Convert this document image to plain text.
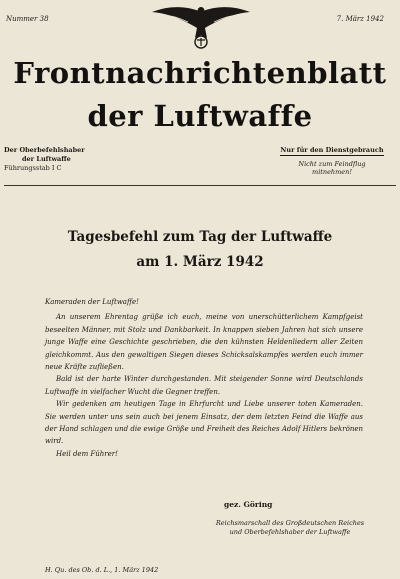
Nummer 38	7. März 1942
Frontnachrichtenblatt
der Luftwaffe
Der Oberbefehlshaber
der Luftwaffe
Führungsstab I C
Nur für den Dienstgebrauch
Nicht zum Feindflug
mitnehmen!
Tagesbefehl zum Tag der Luftwaffe
am 1. März 1942

Kameraden der Luftwaffe!

An unserem Ehrentag grüße ich euch, meine von unerschütterlichem Kampfgeist beseelten Männer, mit Stolz und Dankbarkeit. In knappen sieben Jahren hat sich unsere junge Waffe eine Geschichte geschrieben, die den kühnsten Heldenliedern aller Zeiten gleichkommt. Aus den gewaltigen Siegen dieses Schicksalskampfes werden euch immer neue Kräfte zufließen.

Bald ist der harte Winter durchgestanden. Mit steigender Sonne wird Deutschlands Luftwaffe in vielfacher Wucht die Gegner treffen.

Wir gedenken am heutigen Tage in Ehrfurcht und Liebe unserer toten Kameraden. Sie werden unter uns sein auch bei jenem Einsatz, der dem letzten Feind die Waffe aus der Hand schlagen und die ewige Größe und Freiheit des Reiches Adolf Hitlers bekrönen wird.

Heil dem Führer!

gez. Göring
Reichsmarschall des Großdeutschen Reiches
und Oberbefehlshaber der Luftwaffe
H. Qu. des Ob. d. L., 1. März 1942
